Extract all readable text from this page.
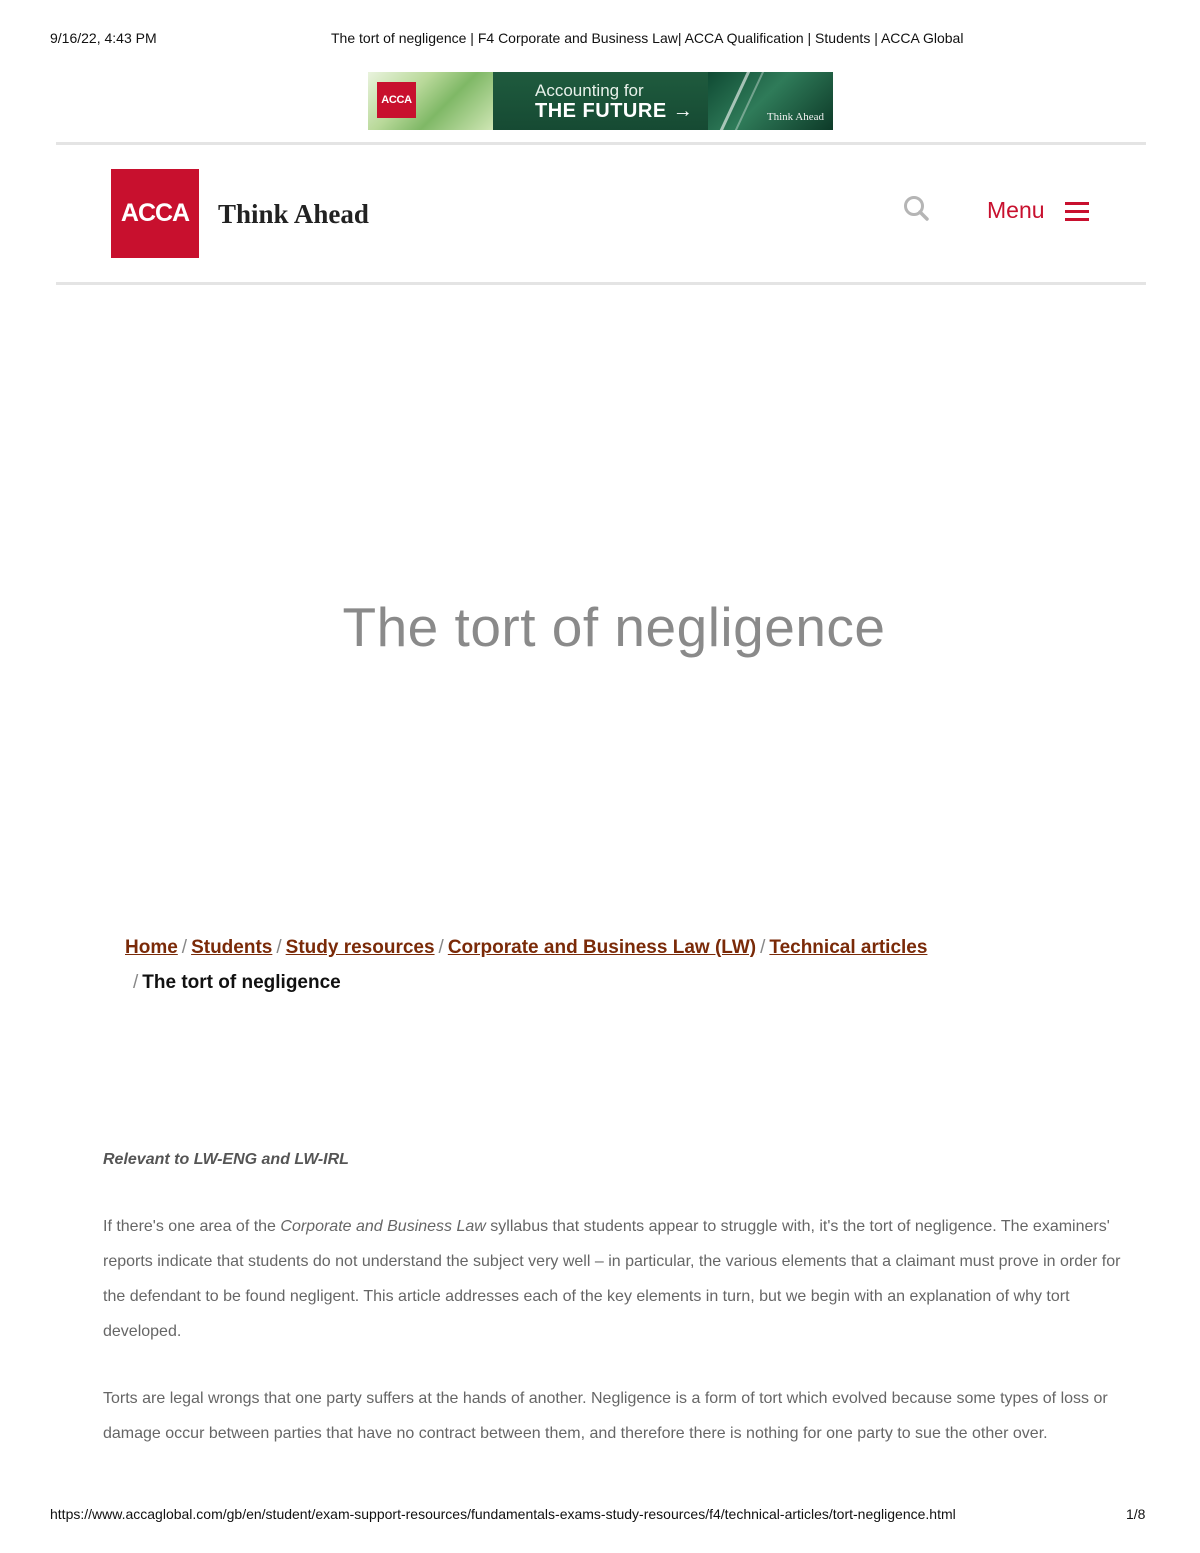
9/16/22, 4:43 PM	The tort of negligence | F4 Corporate and Business Law| ACCA Qualification | Students | ACCA Global
ACCA
Accounting for
THE FUTURE →	Think Ahead
ACCA	Think Ahead	Menu
The tort of negligence
Home / Students / Study resources / Corporate and Business Law (LW) / Technical articles
/ The tort of negligence

Relevant to LW-ENG and LW-IRL

If there's one area of the Corporate and Business Law syllabus that students appear to struggle with, it's the tort of negligence. The examiners' reports indicate that students do not understand the subject very well – in particular, the various elements that a claimant must prove in order for the defendant to be found negligent. This article addresses each of the key elements in turn, but we begin with an explanation of why tort developed.

Torts are legal wrongs that one party suffers at the hands of another. Negligence is a form of tort which evolved because some types of loss or damage occur between parties that have no contract between them, and therefore there is nothing for one party to sue the other over.

https://www.accaglobal.com/gb/en/student/exam-support-resources/fundamentals-exams-study-resources/f4/technical-articles/tort-negligence.html	1/8
